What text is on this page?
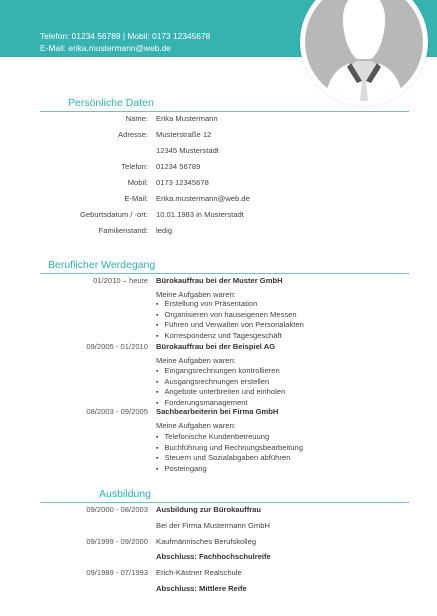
Telefon: 01234 56789 | Mobil: 0173 12345678
E-Mail: erika.mustermann@web.de
Persönliche Daten
Name: Erika Mustermann
Adresse: Musterstraße 12
12345 Musterstadt
Telefon: 01234 56789
Mobil: 0173 12345678
E-Mail: Erika.mustermann@web.de
Geburtsdatum / -ort: 10.01.1983 in Musterstadt
Familienstand: ledig
Beruflicher Werdegang
01/2010 – heute Bürokauffrau bei der Muster GmbH
Meine Aufgaben waren:
▪ Erstellung von Präsentation
▪ Organisieren von hauseigenen Messen
▪ Führen und Verwalten von Personalakten
▪ Korrespondenz und Tagesgeschäft
09/2005 - 01/2010 Bürokauffrau bei der Beispiel AG
Meine Aufgaben waren:
▪ Eingangsrechnungen kontrollieren
▪ Ausgangsrechnungen erstellen
▪ Angebote unterbreiten und einholen
▪ Forderungsmanagement
08/2003 - 09/2005 Sachbearbeiterin bei Firma GmbH
Meine Aufgaben waren:
▪ Telefonische Kundenbetreuung
▪ Buchführung und Rechnungsbearbeitung
▪ Steuern und Sozialabgaben abführen
▪ Posteingang
Ausbildung
09/2000 - 08/2003 Ausbildung zur Bürokauffrau
Bei der Firma Mustermann GmbH
09/1999 - 09/2000 Kaufmännisches Berufskolleg
Abschluss: Fachhochschulreife
09/1989 - 07/1993 Erich-Kästner Realschule
Abschluss: Mittlere Reife
